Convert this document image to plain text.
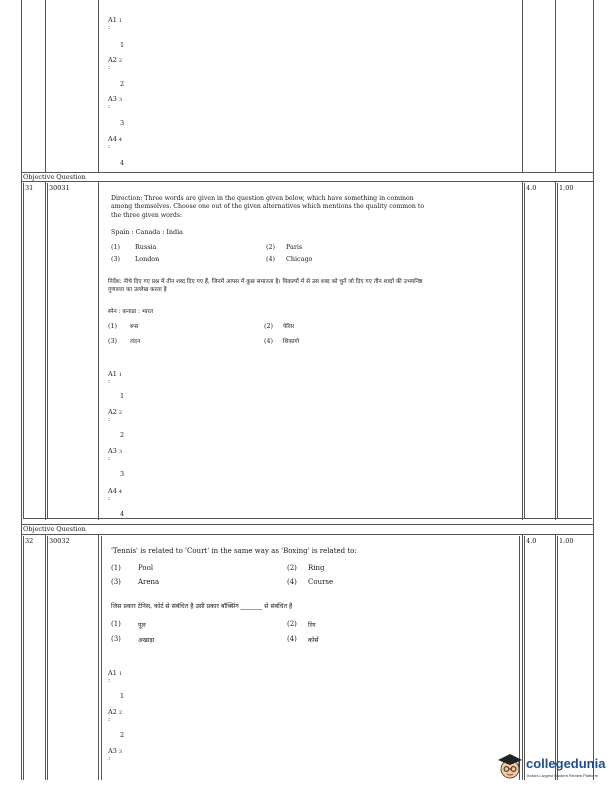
A1 1
:
1
A2 2
:
2
A3 3
:
3
A4 4
:
4
Objective Question
31 30031	4.0	1.00
Direction: Three words are given in the question given below, which have something in common among themselves. Choose one out of the given alternatives which mentions the quality common to the three given words:
Spain : Canada : India
(1) Russia	(2) Paris
(3) London	(4) Chicago
निर्देश: नीचे दिए गए प्रश्न में तीन शब्द दिए गए हैं, जिनमें आपस में कुछ समानता है। विकल्पों में से उस शब्द को चुनें जो दिए गए तीन शब्दों की उभयनिष्ठ गुणवत्ता का उल्लेख करता है
स्पेन : कनाडा : भारत
(1) रूस	(2) पेरिस
(3) लंदन	(4) शिकागो
A1 1
:
1
A2 2
:
2
A3 3
:
3
A4 4
:
4
Objective Question
32 30032	4.0	1.00
'Tennis' is related to 'Court' in the same way as 'Boxing' is related to:
(1) Pool	(2) Ring
(3) Arena	(4) Course
जिस प्रकार टेनिस, कोर्ट से संबंधित है उसी प्रकार बॉक्सिंग _______ से संबंधित है
(1)	पूल	(2) रिंग
(3)	अखाड़ा	(4) कोर्स
A1 1
:
1
A2 2
:
2
A3 3
:	collegedunia
India's Largest Student Review Platform
